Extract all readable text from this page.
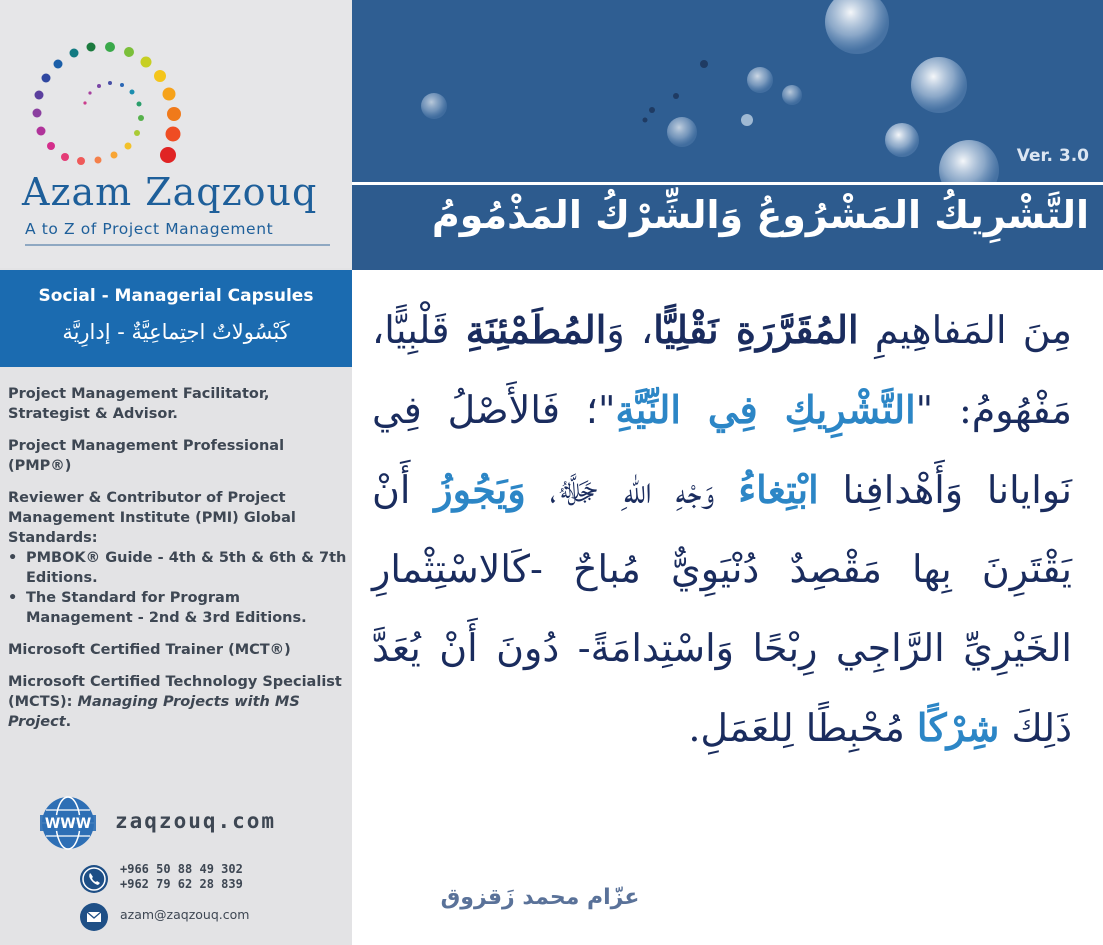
Azam Zaqzouq
A to Z of Project Management
Social - Managerial Capsules
كَبْسُولاتٌ اجتِماعِيَّةٌ - إدارِيَّة
Project Management Facilitator, Strategist & Advisor.
Project Management Professional (PMP®)
Reviewer & Contributor of Project Management Institute (PMI) Global Standards:
• PMBOK® Guide - 4th & 5th & 6th & 7th Editions.
• The Standard for Program Management - 2nd & 3rd Editions.
Microsoft Certified Trainer (MCT®)
Microsoft Certified Technology Specialist (MCTS): Managing Projects with MS Project.
WWW zaqzouq.com
+966 50 88 49 302
+962 79 62 28 839
azam@zaqzouq.com
Ver. 3.0
التَّشْرِيكُ المَشْرُوعُ وَالشِّرْكُ المَذْمُومُ
مِنَ المَفاهِيمِ المُقَرَّرَةِ نَقْلِيًّا، وَالمُطَمْئِنَةِ قَلْبِيًّا، مَفْهُومُ: "التَّشْرِيكِ فِي النِّيَّةِ"؛ فَالأَصْلُ فِي نَوايانا وَأَهْدافِنا ابْتِغاءُ وَجْهِ اللهِ ﷻ، وَيَجُوزُ أَنْ يَقْتَرِنَ بِها مَقْصِدٌ دُنْيَوِيٌّ مُباحٌ -كَالاسْتِثْمارِ الخَيْرِيِّ الرَّاجِي رِبْحًا وَاسْتِدامَةً- دُونَ أَنْ يُعَدَّ ذَلِكَ شِرْكًا مُحْبِطًا لِلعَمَلِ.
عزّام محمد زَقزوق
